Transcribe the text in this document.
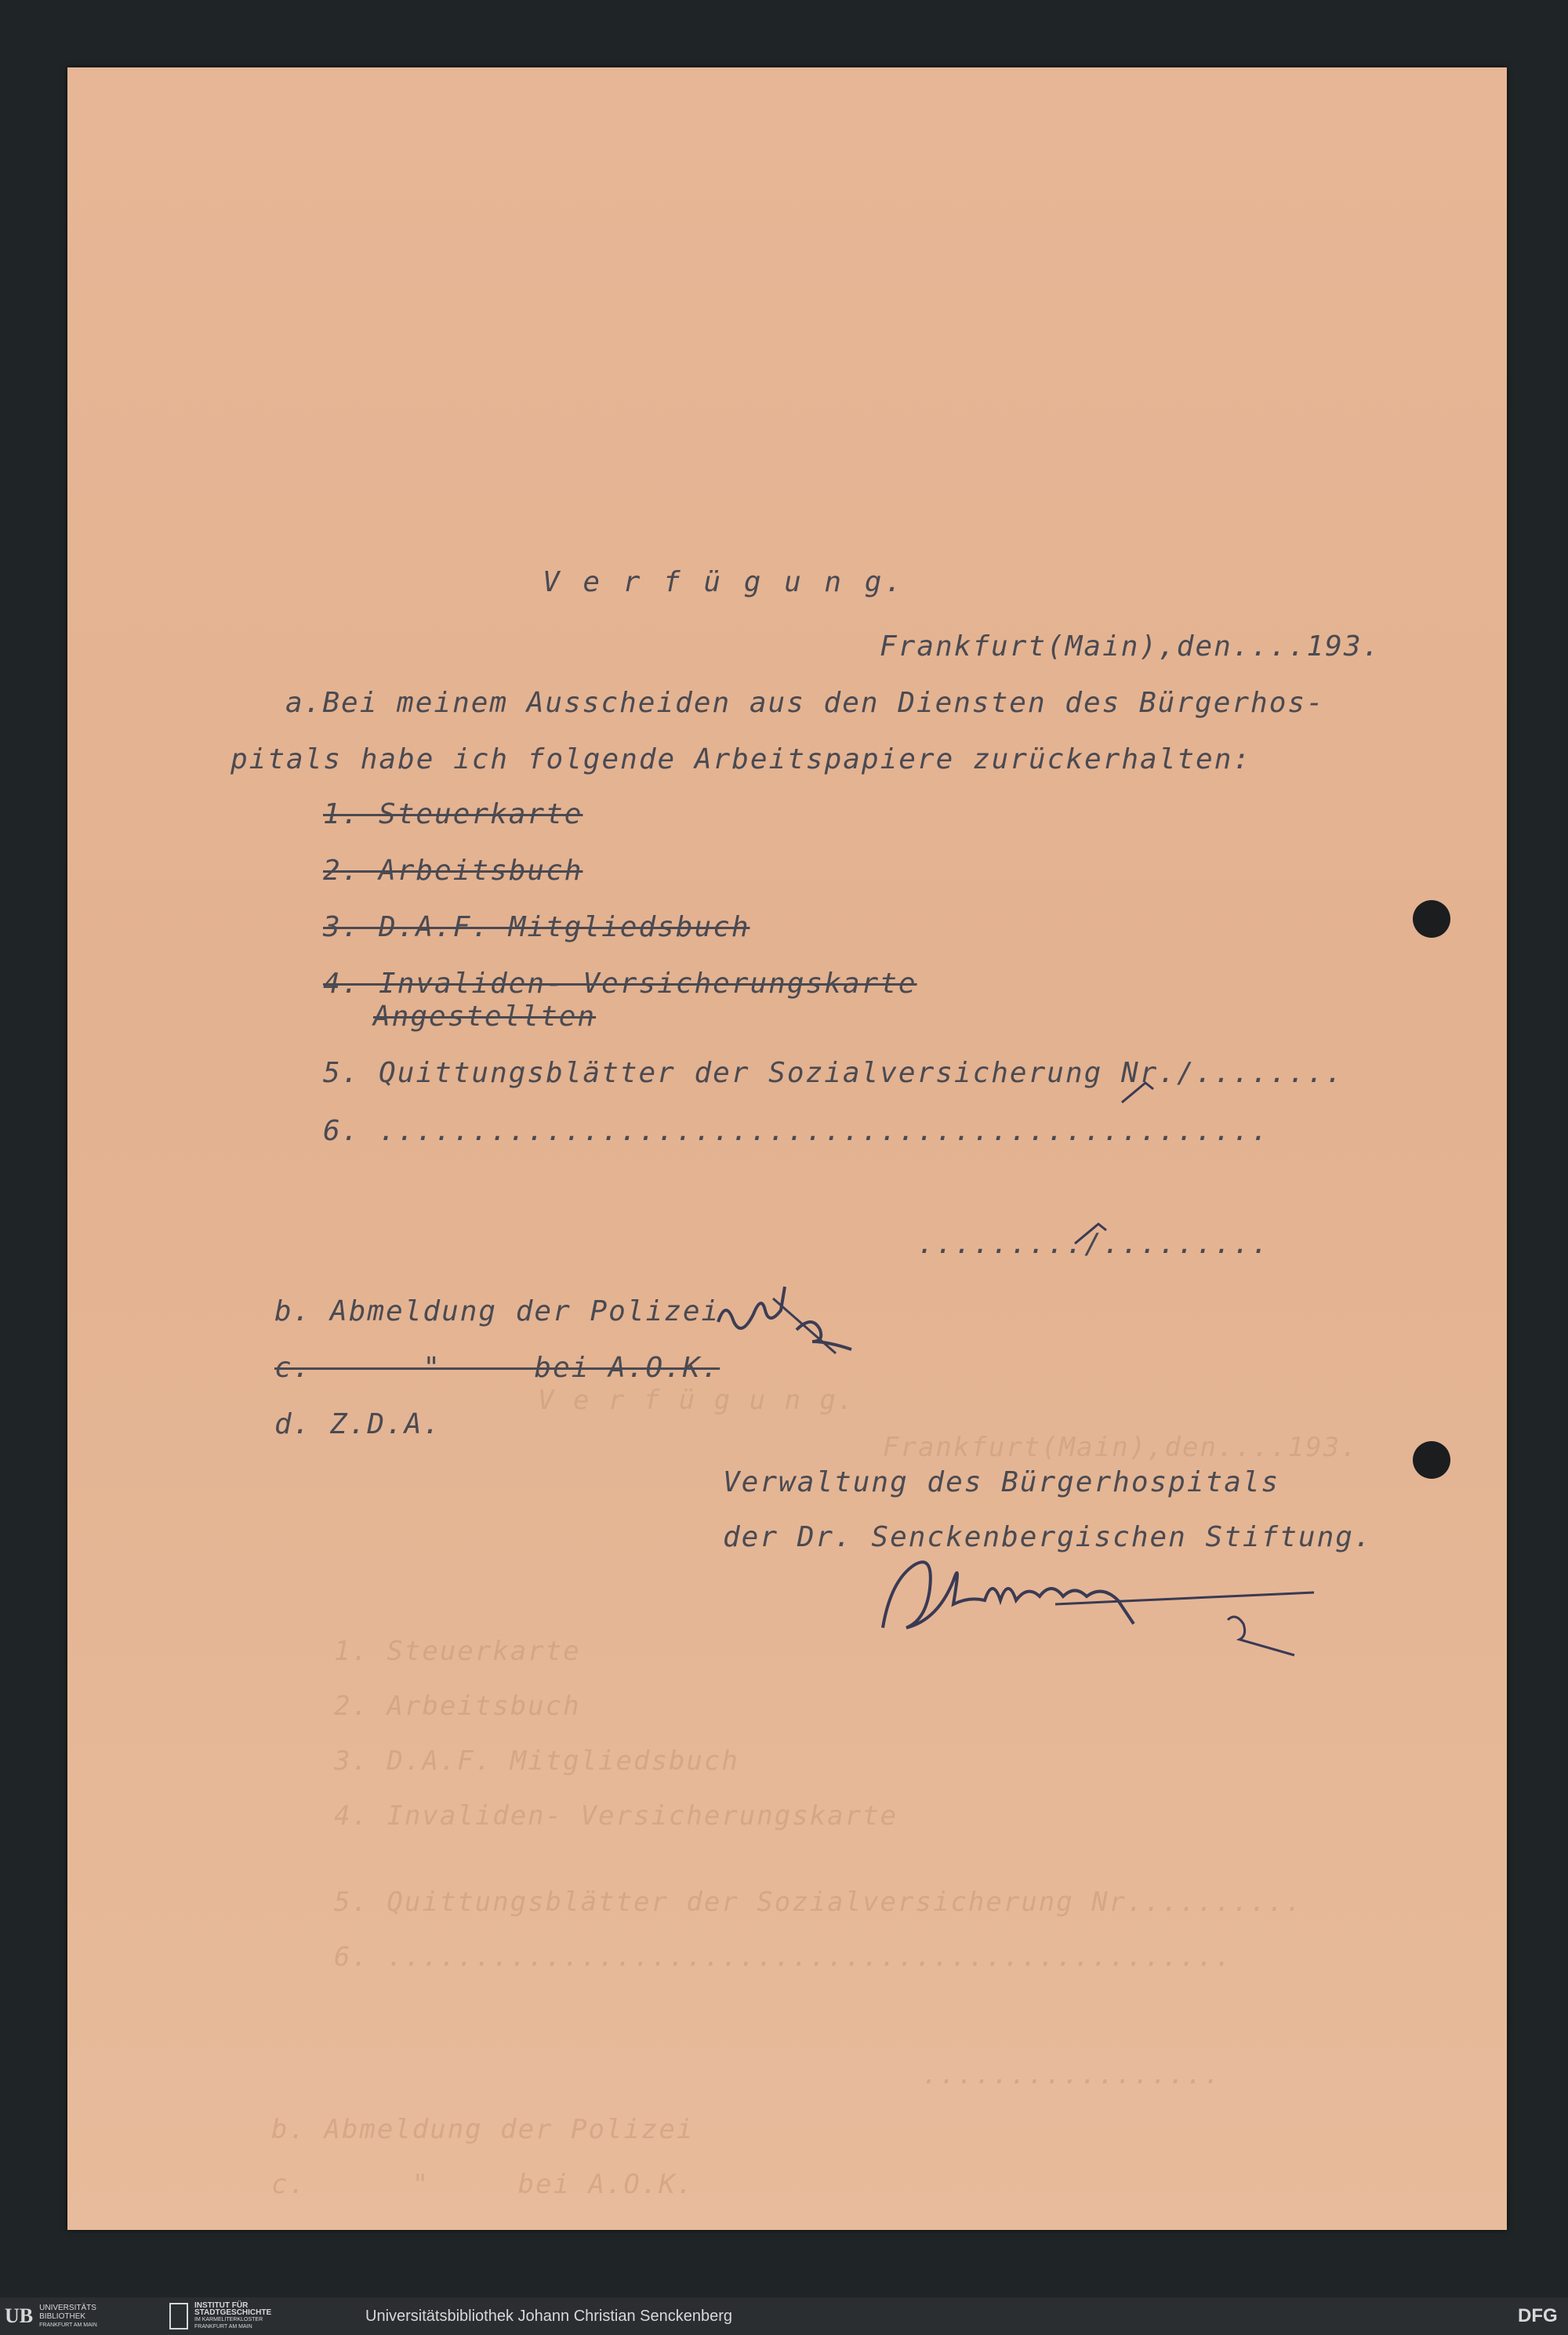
Frankfurt(Main),den....193.
V e r f ü g u n g.
1. Steuerkarte
2. Arbeitsbuch
3. D.A.F. Mitgliedsbuch
4. Invaliden- Versicherungskarte
5. Quittungsblätter der Sozialversicherung Nr..........
6. ................................................
.................
b. Abmeldung der Polizei
c.      "     bei A.O.K.
V e r f ü g u n g.
Frankfurt(Main),den....193.
a.Bei meinem Ausscheiden aus den Diensten des Bürgerhos-
pitals habe ich folgende Arbeitspapiere zurückerhalten:
1. Steuerkarte
2. Arbeitsbuch
3. D.A.F. Mitgliedsbuch
4. Invaliden- Versicherungskarte
Angestellten
5. Quittungsblätter der Sozialversicherung Nr./........
6. ................................................
........./.........
b. Abmeldung der Polizei
c.      "     bei A.O.K.
d. Z.D.A.
Verwaltung des Bürgerhospitals
der Dr. Senckenbergischen Stiftung.
UB UNIVERSITÄTS
BIBLIOTHEK
FRANKFURT AM MAIN
INSTITUT FÜR
STADTGESCHICHTE
IM KARMELITERKLOSTER
FRANKFURT AM MAIN
Universitätsbibliothek Johann Christian Senckenberg	DFG
